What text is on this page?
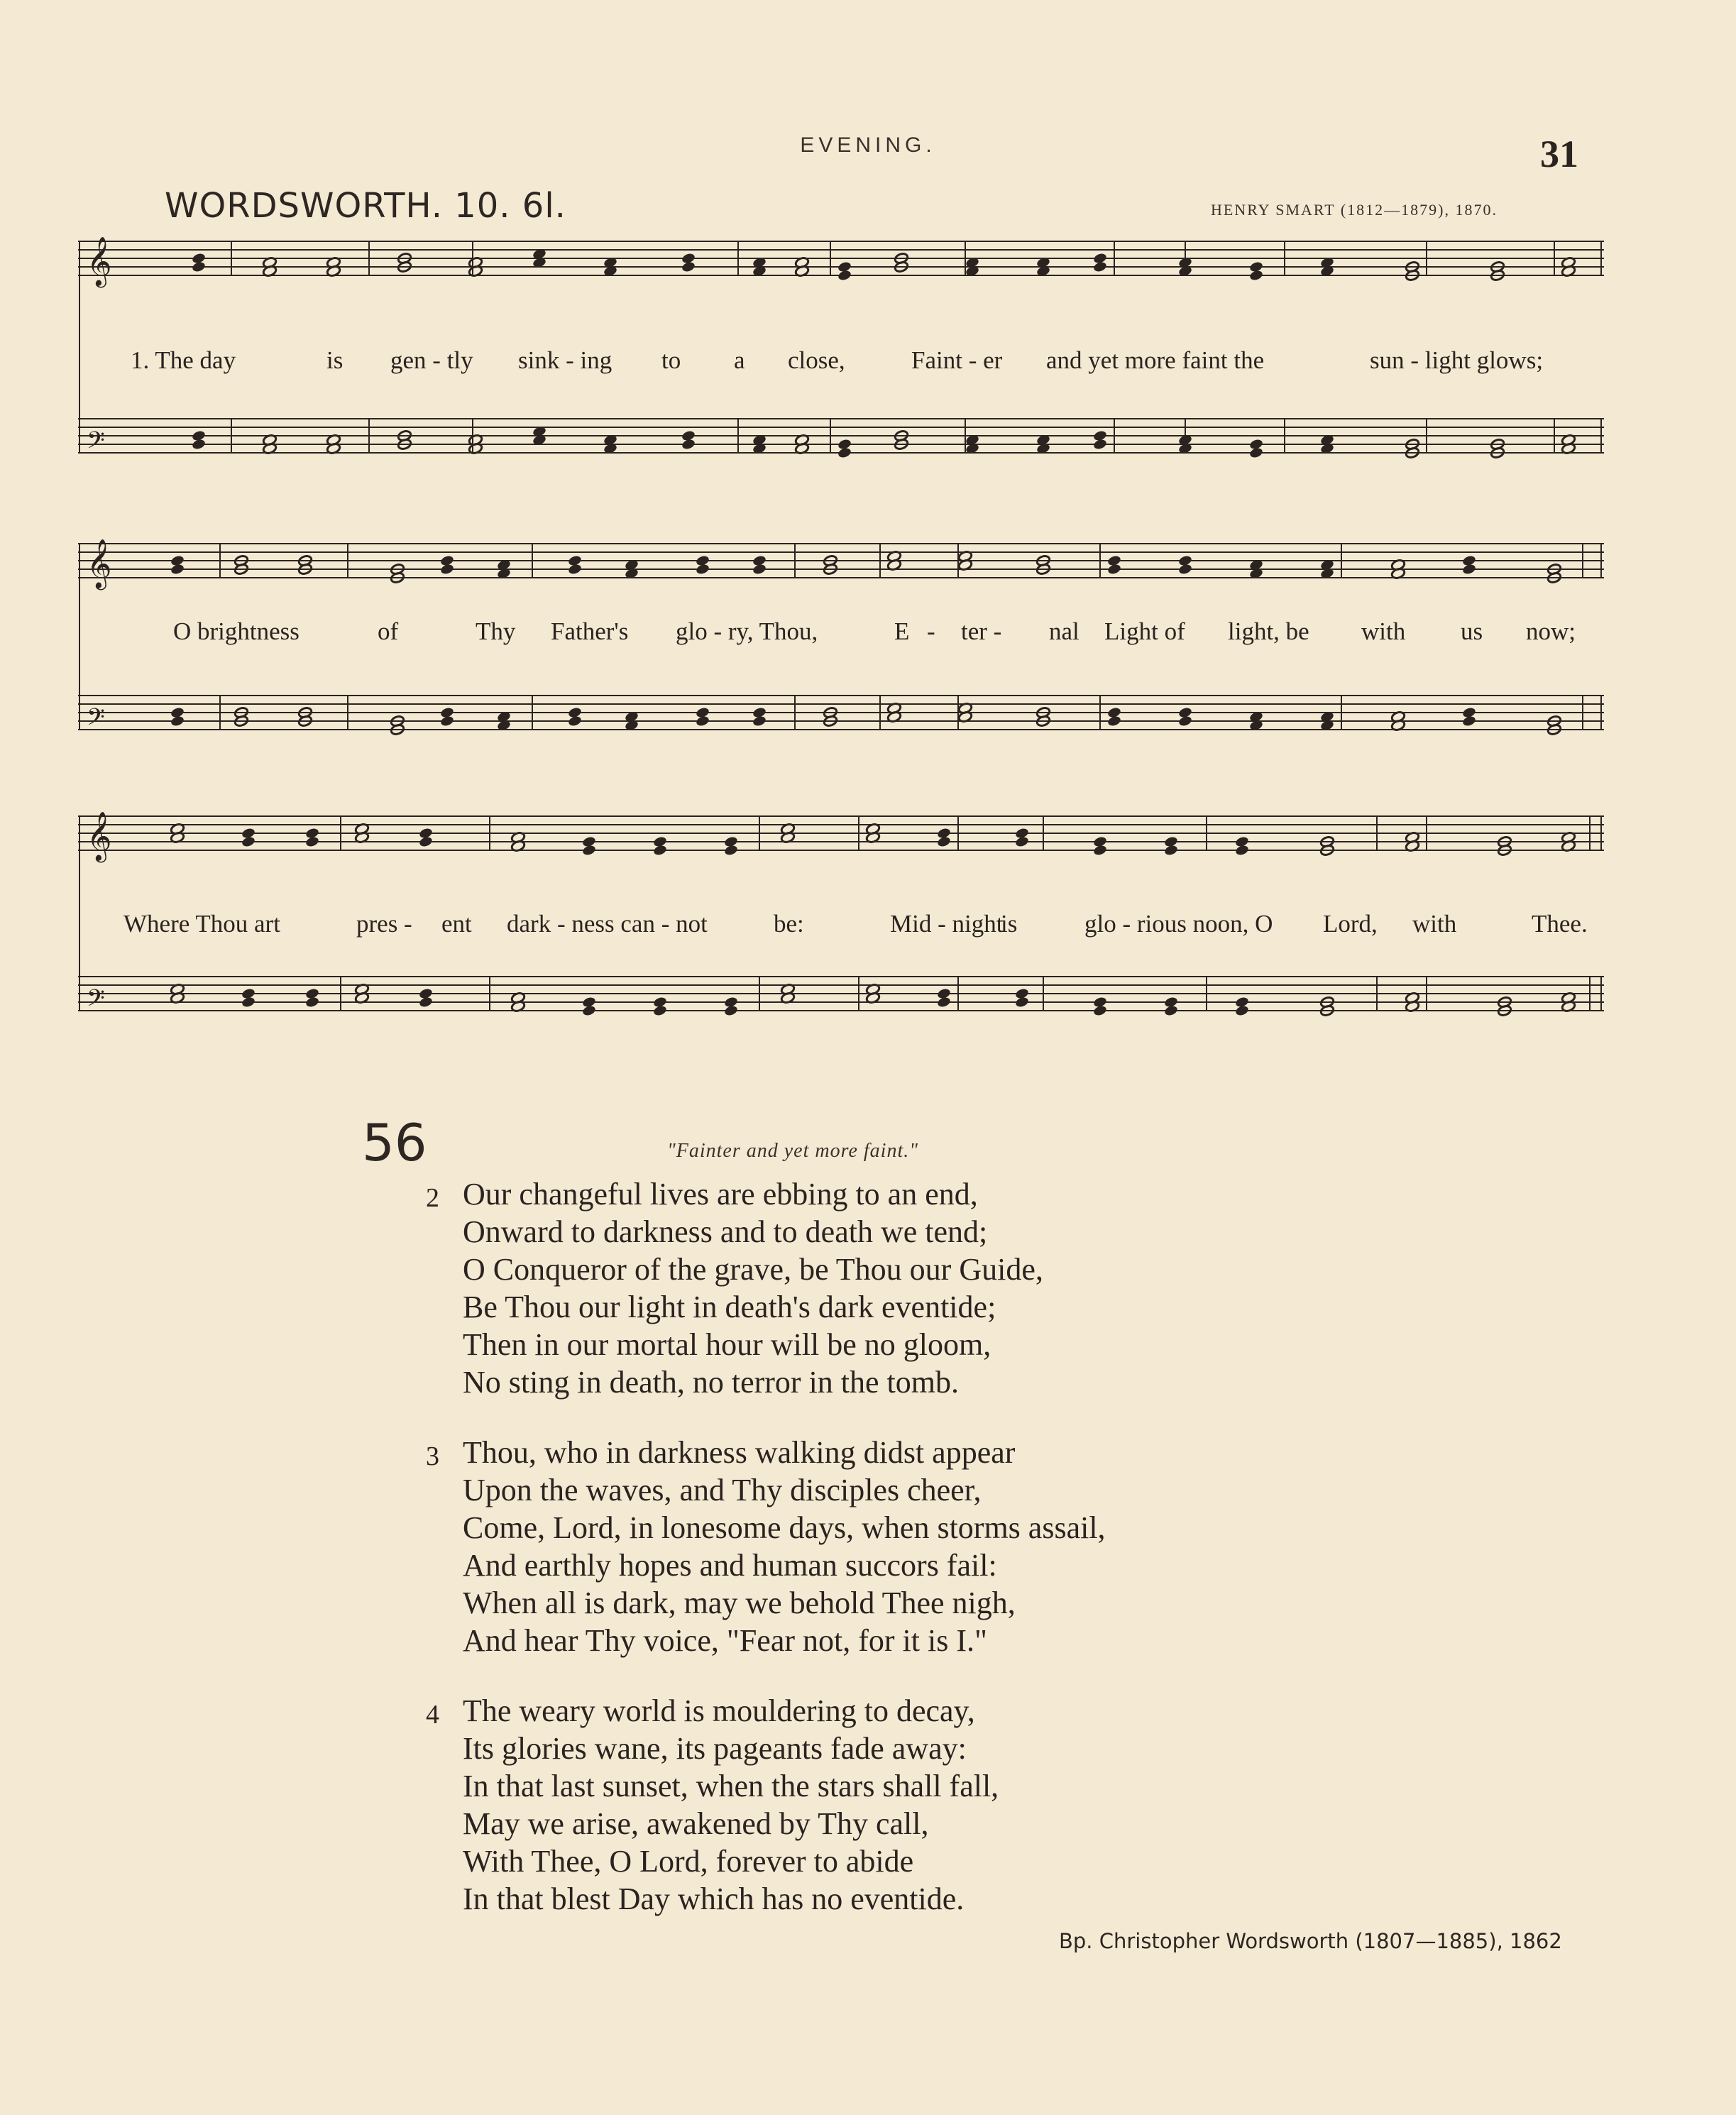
EVENING.	31
WORDSWORTH. 10. 6l.	HENRY SMART (1812—1879), 1870.
𝄞
𝄢
1. The day	is gen - tly sink - ing to a close,	Faint - er and yet more faint the	sun - light glows;
𝄞
𝄢
O brightness	of	Thy Father's glo - ry, Thou,	E - ter - nal Light of light, be with us now;
𝄞
𝄢
Where Thou art	pres - ent dark - ness can - not	be:	Mid - night
is	glo - rious noon, O Lord, with	Thee.
56	"Fainter and yet more faint."
2 Our changeful lives are ebbing to an end,
Onward to darkness and to death we tend;
O Conqueror of the grave, be Thou our Guide,
Be Thou our light in death's dark eventide;
Then in our mortal hour will be no gloom,
No sting in death, no terror in the tomb.
3 Thou, who in darkness walking didst appear
Upon the waves, and Thy disciples cheer,
Come, Lord, in lonesome days, when storms assail,
And earthly hopes and human succors fail:
When all is dark, may we behold Thee nigh,
And hear Thy voice, "Fear not, for it is I."
4 The weary world is mouldering to decay,
Its glories wane, its pageants fade away:
In that last sunset, when the stars shall fall,
May we arise, awakened by Thy call,
With Thee, O Lord, forever to abide
In that blest Day which has no eventide.
Bp. Christopher Wordsworth (1807—1885), 1862
